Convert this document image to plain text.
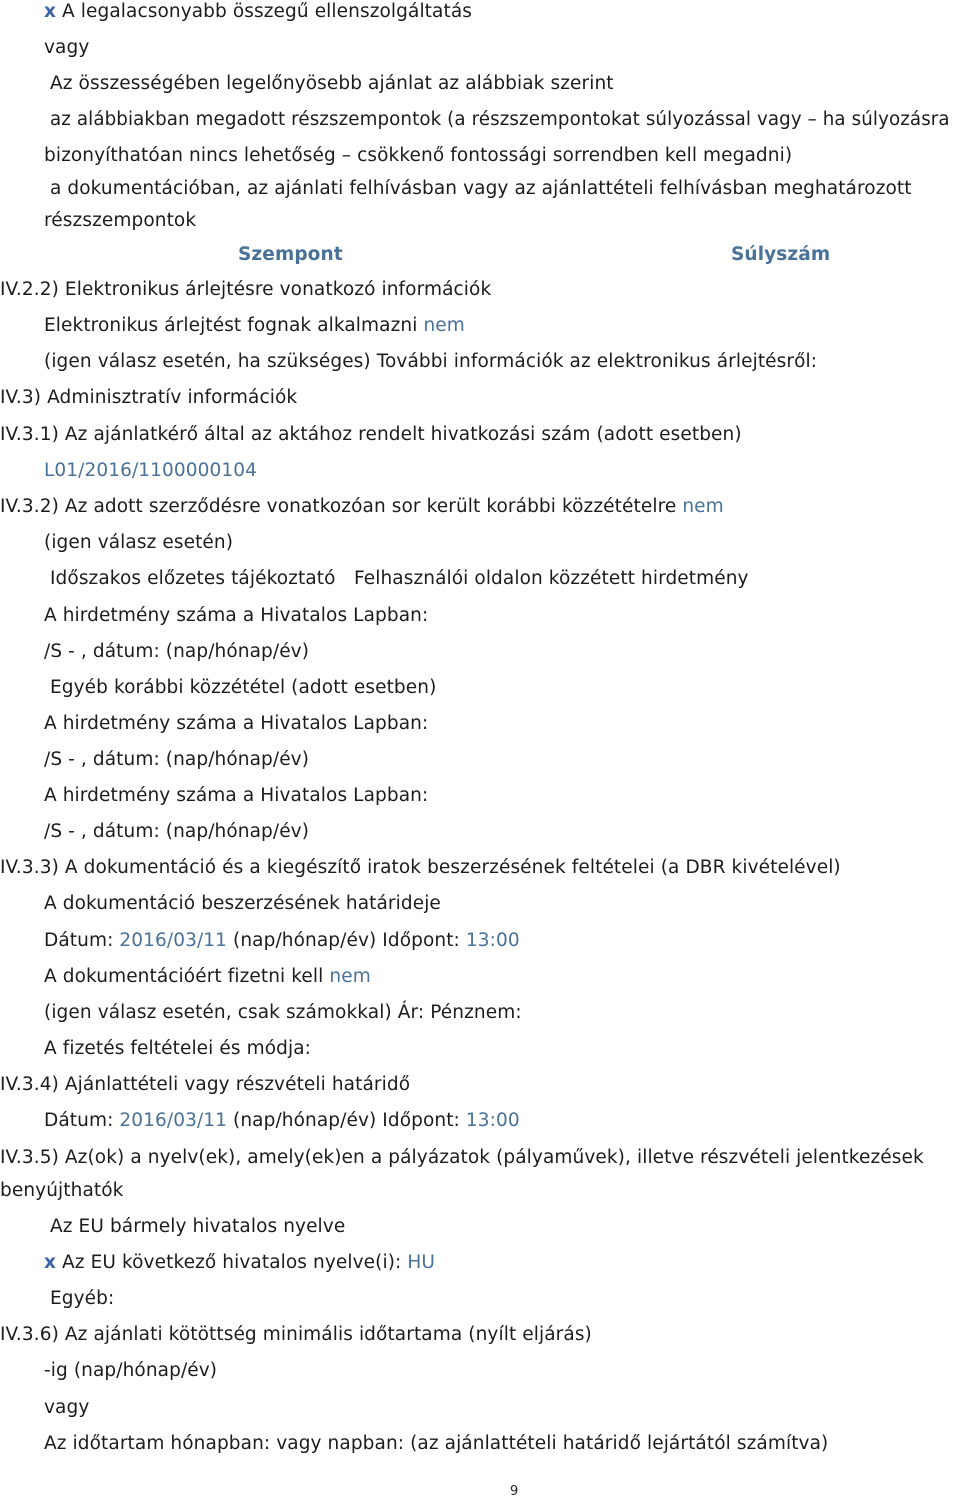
x A legalacsonyabb összegű ellenszolgáltatás
vagy
Az összességében legelőnyösebb ajánlat az alábbiak szerint
az alábbiakban megadott részszempontok (a részszempontokat súlyozással vagy – ha súlyozásra
bizonyíthatóan nincs lehetőség – csökkenő fontossági sorrendben kell megadni)
a dokumentációban, az ajánlati felhívásban vagy az ajánlattételi felhívásban meghatározott
részszempontok
Szempont	Súlyszám
IV.2.2) Elektronikus árlejtésre vonatkozó információk
Elektronikus árlejtést fognak alkalmazni nem
(igen válasz esetén, ha szükséges) További információk az elektronikus árlejtésről:
IV.3) Adminisztratív információk
IV.3.1) Az ajánlatkérő által az aktához rendelt hivatkozási szám (adott esetben)
L01/2016/1100000104
IV.3.2) Az adott szerződésre vonatkozóan sor került korábbi közzétételre nem
(igen válasz esetén)
Időszakos előzetes tájékoztató Felhasználói oldalon közzétett hirdetmény
A hirdetmény száma a Hivatalos Lapban:
/S - , dátum: (nap/hónap/év)
Egyéb korábbi közzététel (adott esetben)
A hirdetmény száma a Hivatalos Lapban:
/S - , dátum: (nap/hónap/év)
A hirdetmény száma a Hivatalos Lapban:
/S - , dátum: (nap/hónap/év)
IV.3.3) A dokumentáció és a kiegészítő iratok beszerzésének feltételei (a DBR kivételével)
A dokumentáció beszerzésének határideje
Dátum: 2016/03/11 (nap/hónap/év) Időpont: 13:00
A dokumentációért fizetni kell nem
(igen válasz esetén, csak számokkal) Ár: Pénznem:
A fizetés feltételei és módja:
IV.3.4) Ajánlattételi vagy részvételi határidő
Dátum: 2016/03/11 (nap/hónap/év) Időpont: 13:00
IV.3.5) Az(ok) a nyelv(ek), amely(ek)en a pályázatok (pályaművek), illetve részvételi jelentkezések
benyújthatók
Az EU bármely hivatalos nyelve
x Az EU következő hivatalos nyelve(i): HU
Egyéb:
IV.3.6) Az ajánlati kötöttség minimális időtartama (nyílt eljárás)
-ig (nap/hónap/év)
vagy
Az időtartam hónapban: vagy napban: (az ajánlattételi határidő lejártától számítva)
9
